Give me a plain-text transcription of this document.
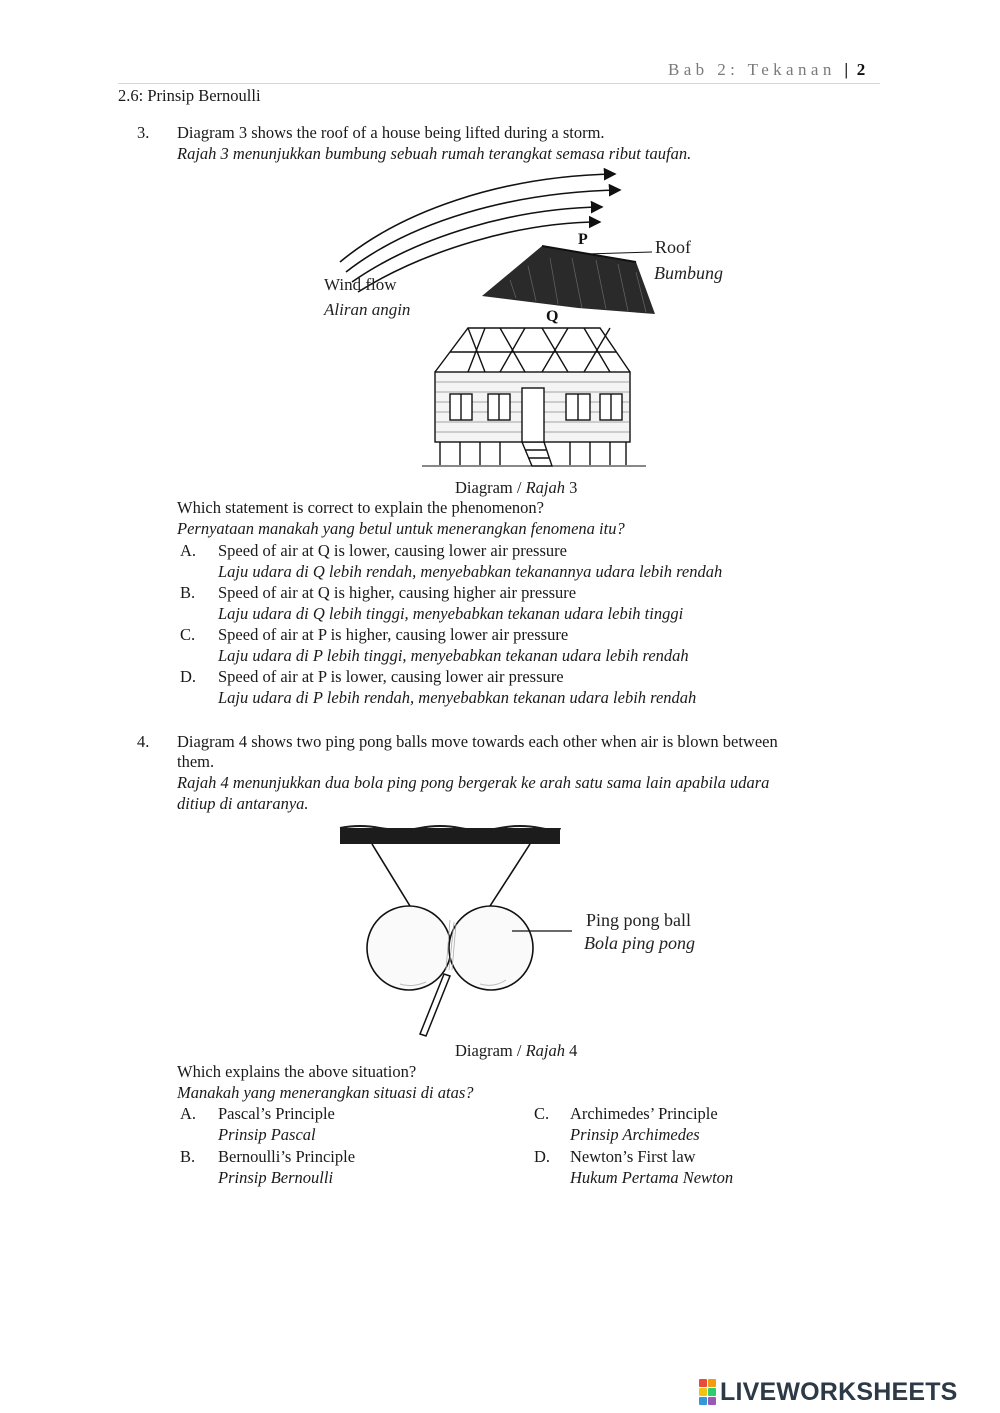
Bab 2: Tekanan | 2
2.6: Prinsip Bernoulli
3. Diagram 3 shows the roof of a house being lifted during a storm.
Rajah 3 menunjukkan bumbung sebuah rumah terangkat semasa ribut taufan.
P
Q
Roof
Bumbung
Wind flow
Aliran angin
Diagram / Rajah 3
Which statement is correct to explain the phenomenon?
Pernyataan manakah yang betul untuk menerangkan fenomena itu?
A. Speed of air at Q is lower, causing lower air pressure
Laju udara di Q lebih rendah, menyebabkan tekanannya udara lebih rendah
B. Speed of air at Q is higher, causing higher air pressure
Laju udara di Q lebih tinggi, menyebabkan tekanan udara lebih tinggi
C. Speed of air at P is higher, causing lower air pressure
Laju udara di P lebih tinggi, menyebabkan tekanan udara lebih rendah
D. Speed of air at P is lower, causing lower air pressure
Laju udara di P lebih rendah, menyebabkan tekanan udara lebih rendah
4. Diagram 4 shows two ping pong balls move towards each other when air is blown between
them.
Rajah 4 menunjukkan dua bola ping pong bergerak ke arah satu sama lain apabila udara
ditiup di antaranya.
Ping pong ball
Bola ping pong
Diagram / Rajah 4
Which explains the above situation?
Manakah yang menerangkan situasi di atas?
A. Pascal’s Principle
Prinsip Pascal
B. Bernoulli’s Principle
Prinsip Bernoulli
C. Archimedes’ Principle
Prinsip Archimedes
D. Newton’s First law
Hukum Pertama Newton
LIVEWORKSHEETS
